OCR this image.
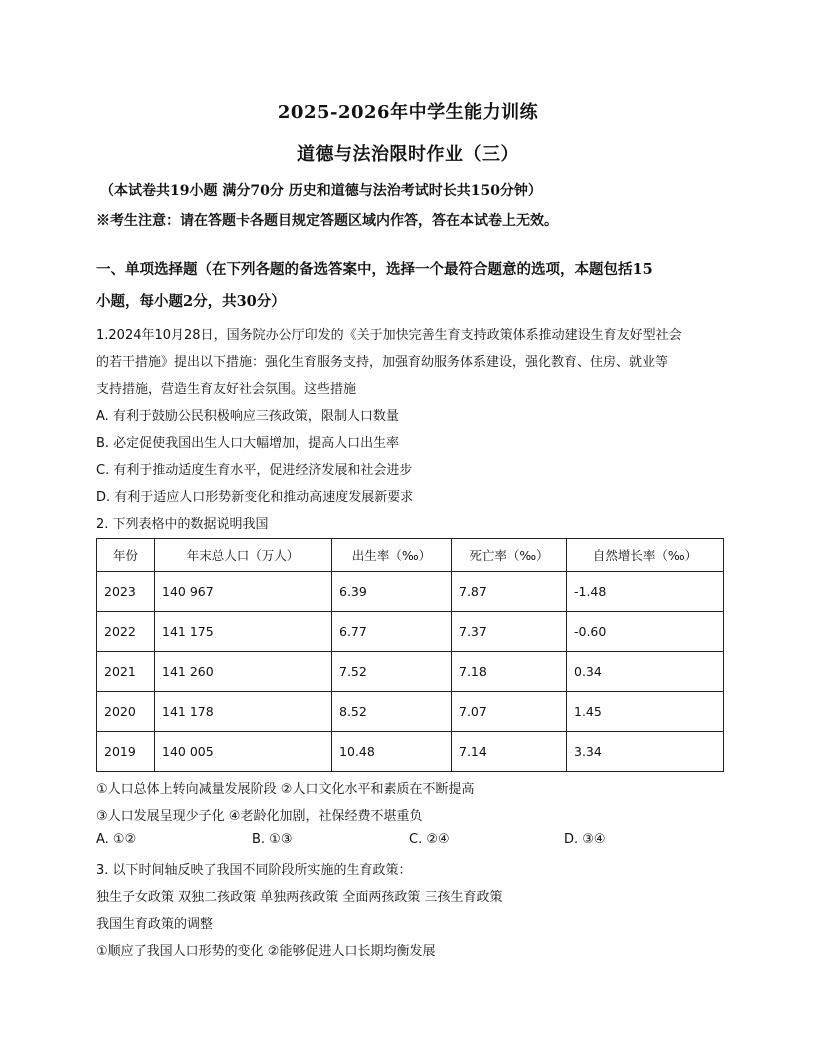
2025-2026年中学生能力训练
道德与法治限时作业（三）
（本试卷共19小题 满分70分 历史和道德与法治考试时长共150分钟）
※考生注意：请在答题卡各题目规定答题区域内作答，答在本试卷上无效。
一、单项选择题（在下列各题的备选答案中，选择一个最符合题意的选项，本题包括15
小题，每小题2分，共30分）
1.2024年10月28日，国务院办公厅印发的《关于加快完善生育支持政策体系推动建设生育友好型社会
的若干措施》提出以下措施：强化生育服务支持，加强育幼服务体系建设，强化教育、住房、就业等
支持措施，营造生育友好社会氛围。这些措施
A. 有利于鼓励公民积极响应三孩政策，限制人口数量
B. 必定促使我国出生人口大幅增加，提高人口出生率
C. 有利于推动适度生育水平，促进经济发展和社会进步
D. 有利于适应人口形势新变化和推动高速度发展新要求
2. 下列表格中的数据说明我国
年份	年末总人口（万人）	出生率（‰）	死亡率（‰）	自然增长率（‰）
2023	140 967	6.39	7.87	-1.48
2022	141 175	6.77	7.37	-0.60
2021	141 260	7.52	7.18	0.34
2020	141 178	8.52	7.07	1.45
2019	140 005	10.48	7.14	3.34
①人口总体上转向减量发展阶段 ②人口文化水平和素质在不断提高
③人口发展呈现少子化 ④老龄化加剧，社保经费不堪重负
A. ①②	B. ①③	C. ②④	D. ③④
3. 以下时间轴反映了我国不同阶段所实施的生育政策：
独生子女政策 双独二孩政策 单独两孩政策 全面两孩政策 三孩生育政策
我国生育政策的调整
①顺应了我国人口形势的变化 ②能够促进人口长期均衡发展
